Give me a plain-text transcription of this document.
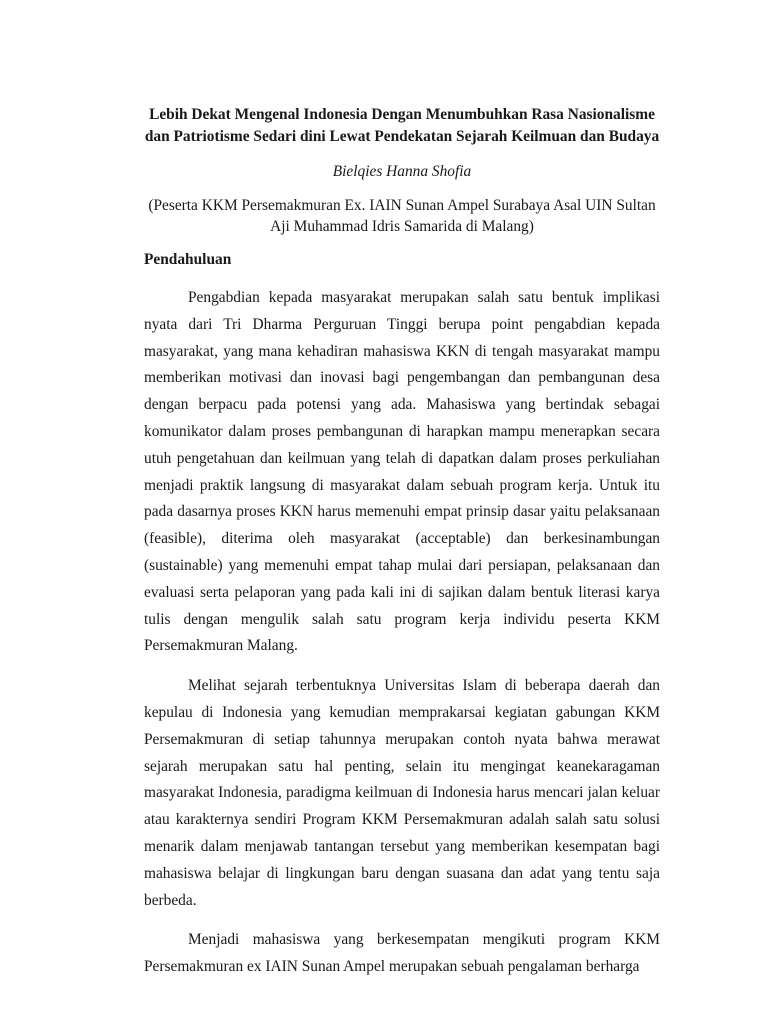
Lebih Dekat Mengenal Indonesia Dengan Menumbuhkan Rasa Nasionalisme
dan Patriotisme Sedari dini Lewat Pendekatan Sejarah Keilmuan dan Budaya

Bielqies Hanna Shofia

(Peserta KKM Persemakmuran Ex. IAIN Sunan Ampel Surabaya Asal UIN Sultan
Aji Muhammad Idris Samarida di Malang)

Pendahuluan

Pengabdian kepada masyarakat merupakan salah satu bentuk implikasi nyata dari Tri Dharma Perguruan Tinggi berupa point pengabdian kepada masyarakat, yang mana kehadiran mahasiswa KKN di tengah masyarakat mampu memberikan motivasi dan inovasi bagi pengembangan dan pembangunan desa dengan berpacu pada potensi yang ada. Mahasiswa yang bertindak sebagai komunikator dalam proses pembangunan di harapkan mampu menerapkan secara utuh pengetahuan dan keilmuan yang telah di dapatkan dalam proses perkuliahan menjadi praktik langsung di masyarakat dalam sebuah program kerja. Untuk itu pada dasarnya proses KKN harus memenuhi empat prinsip dasar yaitu pelaksanaan (feasible), diterima oleh masyarakat (acceptable) dan berkesinambungan (sustainable) yang memenuhi empat tahap mulai dari persiapan, pelaksanaan dan evaluasi serta pelaporan yang pada kali ini di sajikan dalam bentuk literasi karya tulis dengan mengulik salah satu program kerja individu peserta KKM Persemakmuran Malang.

Melihat sejarah terbentuknya Universitas Islam di beberapa daerah dan kepulau di Indonesia yang kemudian memprakarsai kegiatan gabungan KKM Persemakmuran di setiap tahunnya merupakan contoh nyata bahwa merawat sejarah merupakan satu hal penting, selain itu mengingat keanekaragaman masyarakat Indonesia, paradigma keilmuan di Indonesia harus mencari jalan keluar atau karakternya sendiri Program KKM Persemakmuran adalah salah satu solusi menarik dalam menjawab tantangan tersebut yang memberikan kesempatan bagi mahasiswa belajar di lingkungan baru dengan suasana dan adat yang tentu saja berbeda.

Menjadi mahasiswa yang berkesempatan mengikuti program KKM Persemakmuran ex IAIN Sunan Ampel merupakan sebuah pengalaman berharga
